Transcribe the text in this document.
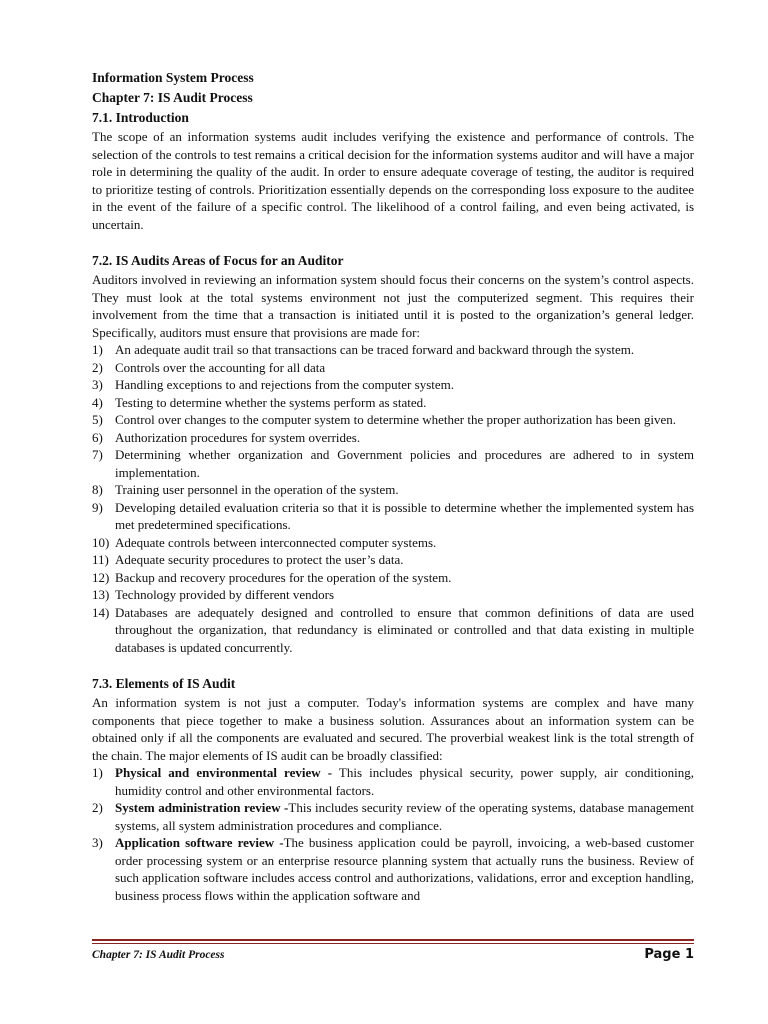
Information System Process
Chapter 7: IS Audit Process
7.1. Introduction
The scope of an information systems audit includes verifying the existence and performance of controls. The selection of the controls to test remains a critical decision for the information systems auditor and will have a major role in determining the quality of the audit. In order to ensure adequate coverage of testing, the auditor is required to prioritize testing of controls. Prioritization essentially depends on the corresponding loss exposure to the auditee in the event of the failure of a specific control. The likelihood of a control failing, and even being activated, is uncertain.
7.2. IS Audits Areas of Focus for an Auditor
Auditors involved in reviewing an information system should focus their concerns on the system’s control aspects. They must look at the total systems environment not just the computerized segment. This requires their involvement from the time that a transaction is initiated until it is posted to the organization’s general ledger. Specifically, auditors must ensure that provisions are made for:
1) An adequate audit trail so that transactions can be traced forward and backward through the system.
2) Controls over the accounting for all data
3) Handling exceptions to and rejections from the computer system.
4) Testing to determine whether the systems perform as stated.
5) Control over changes to the computer system to determine whether the proper authorization has been given.
6) Authorization procedures for system overrides.
7) Determining whether organization and Government policies and procedures are adhered to in system implementation.
8) Training user personnel in the operation of the system.
9) Developing detailed evaluation criteria so that it is possible to determine whether the implemented system has met predetermined specifications.
10) Adequate controls between interconnected computer systems.
11) Adequate security procedures to protect the user’s data.
12) Backup and recovery procedures for the operation of the system.
13) Technology provided by different vendors
14) Databases are adequately designed and controlled to ensure that common definitions of data are used throughout the organization, that redundancy is eliminated or controlled and that data existing in multiple databases is updated concurrently.
7.3. Elements of IS Audit
An information system is not just a computer. Today's information systems are complex and have many components that piece together to make a business solution. Assurances about an information system can be obtained only if all the components are evaluated and secured. The proverbial weakest link is the total strength of the chain. The major elements of IS audit can be broadly classified:
1) Physical and environmental review - This includes physical security, power supply, air conditioning, humidity control and other environmental factors.
2) System administration review -This includes security review of the operating systems, database management systems, all system administration procedures and compliance.
3) Application software review -The business application could be payroll, invoicing, a web-based customer order processing system or an enterprise resource planning system that actually runs the business. Review of such application software includes access control and authorizations, validations, error and exception handling, business process flows within the application software and
Chapter 7: IS Audit Process	Page 1
